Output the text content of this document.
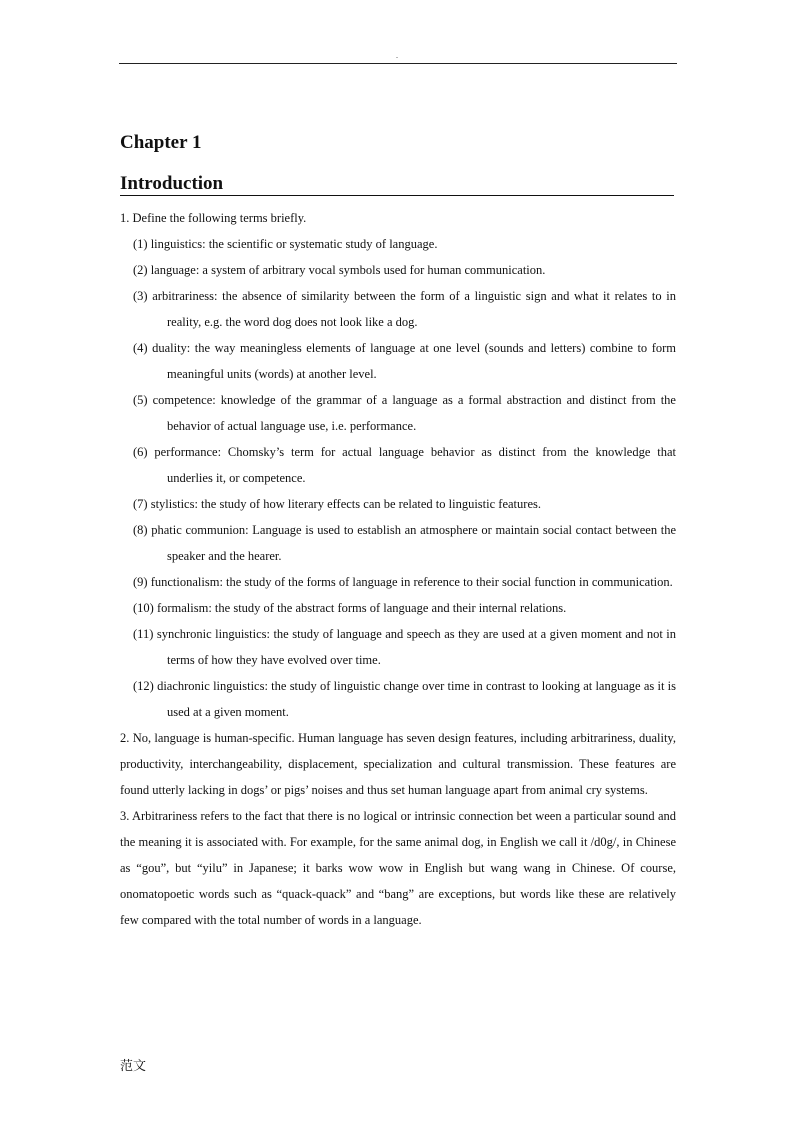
.
Chapter 1
Introduction

1. Define the following terms briefly.

(1) linguistics: the scientific or systematic study of language.

(2) language: a system of arbitrary vocal symbols used for human communication.

(3) arbitrariness: the absence of similarity between the form of a linguistic sign and what it relates to in reality, e.g. the word dog does not look like a dog.

(4) duality: the way meaningless elements of language at one level (sounds and letters) combine to form meaningful units (words) at another level.

(5) competence: knowledge of the grammar of a language as a formal abstraction and distinct from the behavior of actual language use, i.e. performance.

(6) performance: Chomsky’s term for actual language behavior as distinct from the knowledge that underlies it, or competence.

(7) stylistics: the study of how literary effects can be related to linguistic features.

(8) phatic communion: Language is used to establish an atmosphere or maintain social contact between the speaker and the hearer.

(9) functionalism: the study of the forms of language in reference to their social function in communication.

(10) formalism: the study of the abstract forms of language and their internal relations.

(11) synchronic linguistics: the study of language and speech as they are used at a given moment and not in terms of how they have evolved over time.

(12) diachronic linguistics: the study of linguistic change over time in contrast to looking at language as it is used at a given moment.

2. No, language is human-specific. Human language has seven design features, including arbitrariness, duality, productivity, interchangeability, displacement, specialization and cultural transmission. These features are found utterly lacking in dogs’ or pigs’ noises and thus set human language apart from animal cry systems.

3. Arbitrariness refers to the fact that there is no logical or intrinsic connection bet ween a particular sound and the meaning it is associated with. For example, for the same animal dog, in English we call it /d0g/, in Chinese as “gou”, but “yilu” in Japanese; it barks wow wow in English but wang wang in Chinese. Of course, onomatopoetic words such as “quack-quack” and “bang” are exceptions, but words like these are relatively few compared with the total number of words in a language.

范文
